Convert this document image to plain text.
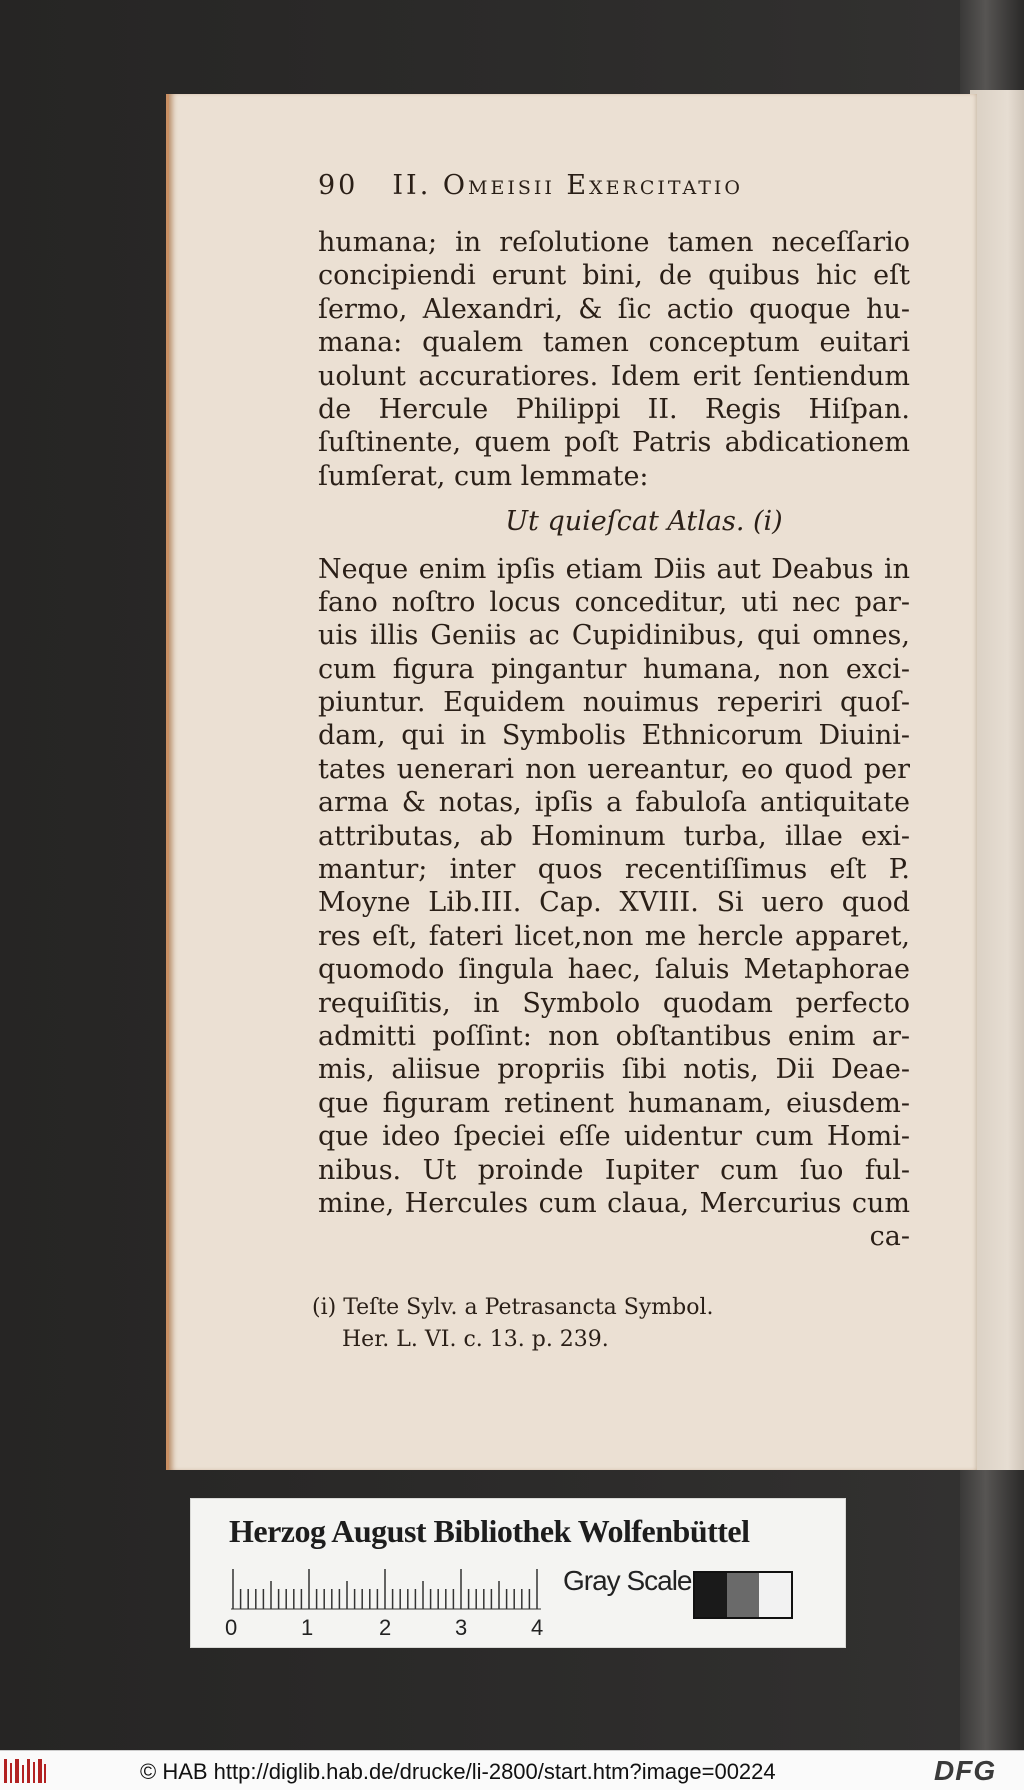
90 II. Omeisii Exercitatio
humana; in reſolutione tamen neceſſario
concipiendi erunt bini, de quibus hic eſt
ſermo, Alexandri, & ſic actio quoque hu-
mana: qualem tamen conceptum euitari
uolunt accuratiores. Idem erit ſentiendum
de Hercule Philippi II. Regis Hiſpan.
ſuſtinente, quem poſt Patris abdicationem
ſumſerat, cum lemmate:
Ut quieſcat Atlas. (i)
Neque enim ipſis etiam Diis aut Deabus in
fano noſtro locus conceditur, uti nec par-
uis illis Geniis ac Cupidinibus, qui omnes,
cum figura pingantur humana, non exci-
piuntur. Equidem nouimus reperiri quoſ-
dam, qui in Symbolis Ethnicorum Diuini-
tates uenerari non uereantur, eo quod per
arma & notas, ipſis a fabuloſa antiquitate
attributas, ab Hominum turba, illae exi-
mantur; inter quos recentiſſimus eſt P.
Moyne Lib.III. Cap. XVIII. Si uero quod
res eſt, fateri licet,non me hercle apparet,
quomodo ſingula haec, ſaluis Metaphorae
requiſitis, in Symbolo quodam perfecto
admitti poſſint: non obſtantibus enim ar-
mis, aliisue propriis ſibi notis, Dii Deae-
que figuram retinent humanam, eiusdem-
que ideo ſpeciei eſſe uidentur cum Homi-
nibus. Ut proinde Iupiter cum ſuo ful-
mine, Hercules cum claua, Mercurius cum
ca-
(i) Teſte Sylv. a Petrasancta Symbol.
Her. L. VI. c. 13. p. 239.
Herzog August Bibliothek Wolfenbüttel
Gray Scale
0	1	2	3	4
© HAB http://diglib.hab.de/drucke/li-2800/start.htm?image=00224	DFG
